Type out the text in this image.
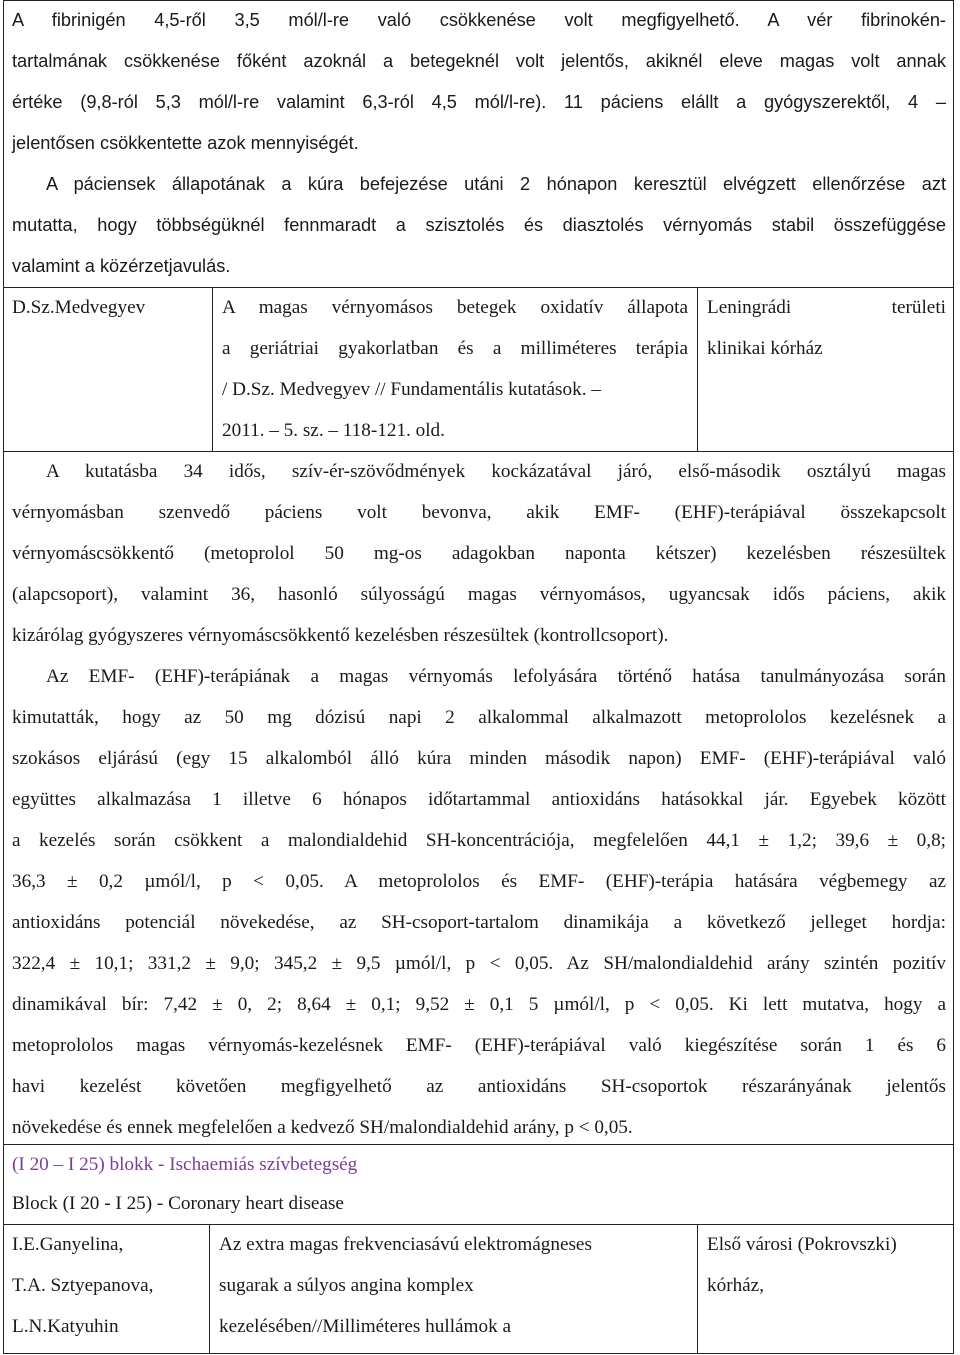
A fibrinigén 4,5-ről 3,5 mól/l-re való csökkenése volt megfigyelhető. A vér fibrinokén-
tartalmának csökkenése főként azoknál a betegeknél volt jelentős, akiknél eleve magas volt annak
értéke (9,8-ról 5,3 mól/l-re valamint 6,3-ról 4,5 mól/l-re). 11 páciens elállt a gyógyszerektől, 4 –
jelentősen csökkentette azok mennyiségét.
A páciensek állapotának a kúra befejezése utáni 2 hónapon keresztül elvégzett ellenőrzése azt
mutatta, hogy többségüknél fennmaradt a szisztolés és diasztolés vérnyomás stabil összefüggése
valamint a közérzetjavulás.
D.Sz.Medvegyev	A magas vérnyomásos betegek oxidatív állapota
a geriátriai gyakorlatban és a milliméteres terápia
/ D.Sz. Medvegyev // Fundamentális kutatások. –
2011. – 5. sz. – 118-121. old.
Leningrádi területi
klinikai kórház
A kutatásba 34 idős, szív-ér-szövődmények kockázatával járó, első-második osztályú magas
vérnyomásban szenvedő páciens volt bevonva, akik EMF- (EHF)-terápiával összekapcsolt
vérnyomáscsökkentő (metoprolol 50 mg-os adagokban naponta kétszer) kezelésben részesültek
(alapcsoport), valamint 36, hasonló súlyosságú magas vérnyomásos, ugyancsak idős páciens, akik
kizárólag gyógyszeres vérnyomáscsökkentő kezelésben részesültek (kontrollcsoport).
Az EMF- (EHF)-terápiának a magas vérnyomás lefolyására történő hatása tanulmányozása során
kimutatták, hogy az 50 mg dózisú napi 2 alkalommal alkalmazott metoprololos kezelésnek a
szokásos eljárású (egy 15 alkalomból álló kúra minden második napon) EMF- (EHF)-terápiával való
együttes alkalmazása 1 illetve 6 hónapos időtartammal antioxidáns hatásokkal jár. Egyebek között
a kezelés során csökkent a malondialdehid SH-koncentrációja, megfelelően 44,1 ± 1,2; 39,6 ± 0,8;
36,3 ± 0,2 µmól/l, p < 0,05. A metoprololos és EMF- (EHF)-terápia hatására végbemegy az
antioxidáns potenciál növekedése, az SH-csoport-tartalom dinamikája a következő jelleget hordja:
322,4 ± 10,1; 331,2 ± 9,0; 345,2 ± 9,5 µmól/l, p < 0,05. Az SH/malondialdehid arány szintén pozitív
dinamikával bír: 7,42 ± 0, 2; 8,64 ± 0,1; 9,52 ± 0,1 5 µmól/l, p < 0,05. Ki lett mutatva, hogy a
metoprololos magas vérnyomás-kezelésnek EMF- (EHF)-terápiával való kiegészítése során 1 és 6
havi kezelést követően megfigyelhető az antioxidáns SH-csoportok részarányának jelentős
növekedése és ennek megfelelően a kedvező SH/malondialdehid arány, p < 0,05.
(I 20 – I 25) blokk - Ischaemiás szívbetegség
Block (I 20 - I 25) - Coronary heart disease
I.E.Ganyelina,
T.A. Sztyepanova,
L.N.Katyuhin
Az extra magas frekvenciasávú elektromágneses
sugarak a súlyos angina komplex
kezelésében//Milliméteres hullámok a
Első városi (Pokrovszki)
kórház,
